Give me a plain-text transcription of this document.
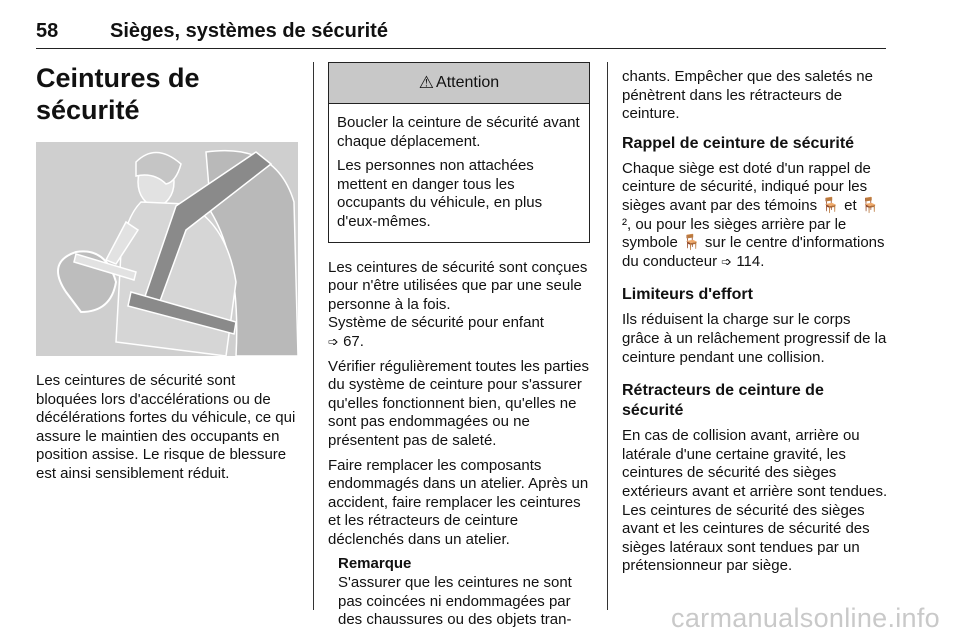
58	Sièges, systèmes de sécurité
Ceintures de sécurité

Les ceintures de sécurité sont bloquées lors d'accélérations ou de décélérations fortes du véhicule, ce qui assure le maintien des occupants en position assise. Le risque de blessure est ainsi sensiblement réduit.

⚠ Attention

Boucler la ceinture de sécurité avant chaque déplacement.

Les personnes non attachées mettent en danger tous les occupants du véhicule, en plus d'eux-mêmes.

Les ceintures de sécurité sont conçues pour n'être utilisées que par une seule personne à la fois.

Système de sécurité pour enfant
➩ 67.

Vérifier régulièrement toutes les parties du système de ceinture pour s'assurer qu'elles fonctionnent bien, qu'elles ne sont pas endommagées ou ne présentent pas de saleté.

Faire remplacer les composants endommagés dans un atelier. Après un accident, faire remplacer les ceintures et les rétracteurs de ceinture déclenchés dans un atelier.

Remarque
S'assurer que les ceintures ne sont pas coincées ni endommagées par des chaussures ou des objets tran-

chants. Empêcher que des saletés ne pénètrent dans les rétracteurs de ceinture.

Rappel de ceinture de sécurité

Chaque siège est doté d'un rappel de ceinture de sécurité, indiqué pour les sièges avant par des témoins 🪑 et 🪑², ou pour les sièges arrière par le symbole 🪑 sur le centre d'informations du conducteur ➩ 114.

Limiteurs d'effort

Ils réduisent la charge sur le corps grâce à un relâchement progressif de la ceinture pendant une collision.

Rétracteurs de ceinture de sécurité

En cas de collision avant, arrière ou latérale d'une certaine gravité, les ceintures de sécurité des sièges extérieurs avant et arrière sont tendues.

Les ceintures de sécurité des sièges avant et les ceintures de sécurité des sièges latéraux sont tendues par un prétensionneur par siège.

carmanualsonline.info
